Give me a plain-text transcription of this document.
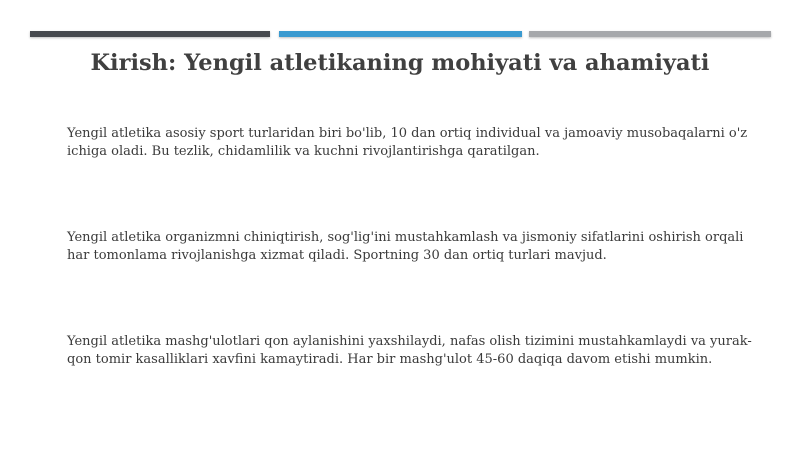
Kirish: Yengil atletikaning mohiyati va ahamiyati
Yengil atletika asosiy sport turlaridan biri bo'lib, 10 dan ortiq individual va jamoaviy musobaqalarni o'z ichiga oladi. Bu tezlik, chidamlilik va kuchni rivojlantirishga qaratilgan.
Yengil atletika organizmni chiniqtirish, sog'lig'ini mustahkamlash va jismoniy sifatlarini oshirish orqali har tomonlama rivojlanishga xizmat qiladi. Sportning 30 dan ortiq turlari mavjud.
Yengil atletika mashg'ulotlari qon aylanishini yaxshilaydi, nafas olish tizimini mustahkamlaydi va yurak-qon tomir kasalliklari xavfini kamaytiradi. Har bir mashg'ulot 45-60 daqiqa davom etishi mumkin.
